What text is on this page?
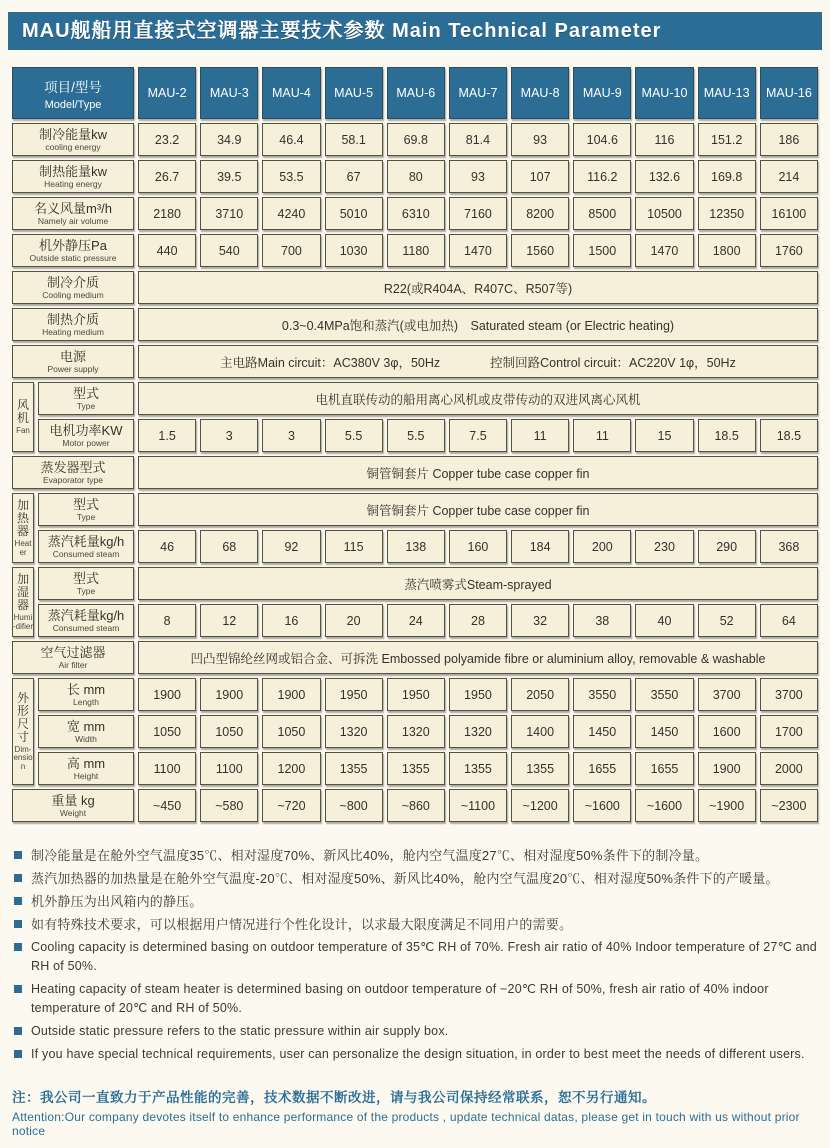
MAU舰船用直接式空调器主要技术参数 Main Technical Parameter
项目/型号
Model/Type		MAU-2	MAU-3	MAU-4	MAU-5	MAU-6	MAU-7	MAU-8	MAU-9	MAU-10	MAU-13	MAU-16

制冷能量kw
cooling energy		23.2	34.9	46.4	58.1	69.8	81.4	93	104.6	116	151.2	186

制热能量kw
Heating energy		26.7	39.5	53.5	67	80	93	107	116.2	132.6	169.8	214

名义风量m³/h
Namely air volume		2180	3710	4240	5010	6310	7160	8200	8500	10500	12350	16100

机外静压Pa
Outside static pressure		440	540	700	1030	1180	1470	1560	1500	1470	1800	1760

制冷介质
Cooling medium		R22(或R404A、R407C、R507等)										

制热介质
Heating medium		0.3~0.4MPa饱和蒸汽(或电加热)　Saturated steam (or Electric heating)										

电源
Power supply		主电路Main circuit：AC380V 3φ，50Hz　　　　控制回路Control circuit：AC220V 1φ，50Hz										

风
机
Fan

型式
Type	电机直联传动的船用离心风机或皮带传动的双进风离心风机

	电机功率KW
Motor power	1.5	3	3	5.5	5.5	7.5	11	11	15	18.5	18.5

蒸发器型式
Evaporator type		铜管铜套片 Copper tube case copper fin										

加
热
器
Heater

型式
Type	铜管铜套片 Copper tube case copper fin

	蒸汽耗量kg/h
Consumed steam	46	68	92	115	138	160	184	200	230	290	368

加
湿
器
Humi-difier

型式
Type	蒸汽喷雾式Steam-sprayed

	蒸汽耗量kg/h
Consumed steam	8	12	16	20	24	28	32	38	40	52	64

空气过滤器
Air filter		凹凸型锦纶丝网或铝合金、可拆洗 Embossed polyamide fibre or aluminium alloy, removable & washable										

外
形
尺
寸
Dim-ension

长 mm
Length
	1900	1900	1900	1950	1950	1950	2050	3550	3550	3700	3700

	宽 mm
Width	1050	1050	1050	1320	1320	1320	1400	1450	1450	1600	1700

	高 mm
Height	1100	1100	1200	1355	1355	1355	1355	1655	1655	1900	2000

重量 kg
Weight		~450	~580	~720	~800	~860	~1100	~1200	~1600	~1600	~1900	~2300
制冷能量是在舱外空气温度35℃、相对湿度70%、新风比40%，舱内空气温度27℃、相对湿度50%条件下的制冷量。
蒸汽加热器的加热量是在舱外空气温度-20℃、相对湿度50%、新风比40%，舱内空气温度20℃、相对湿度50%条件下的产暖量。
机外静压为出风箱内的静压。
如有特殊技术要求，可以根据用户情况进行个性化设计，以求最大限度满足不同用户的需要。
Cooling capacity is determined basing on outdoor temperature of 35℃ RH of 70%. Fresh air ratio of 40% Indoor temperature of 27℃ and RH of 50%.
Heating capacity of steam heater is determined basing on outdoor temperature of −20℃ RH of 50%, fresh air ratio of 40% indoor temperature of 20℃ and RH of 50%.
Outside static pressure refers to the static pressure within air supply box.
If you have special technical requirements, user can personalize the design situation, in order to best meet the needs of different users.
注：我公司一直致力于产品性能的完善，技术数据不断改进，请与我公司保持经常联系，恕不另行通知。
Attention:Our company devotes itself to enhance performance of the products , update technical datas, please get in touch with us without prior notice
